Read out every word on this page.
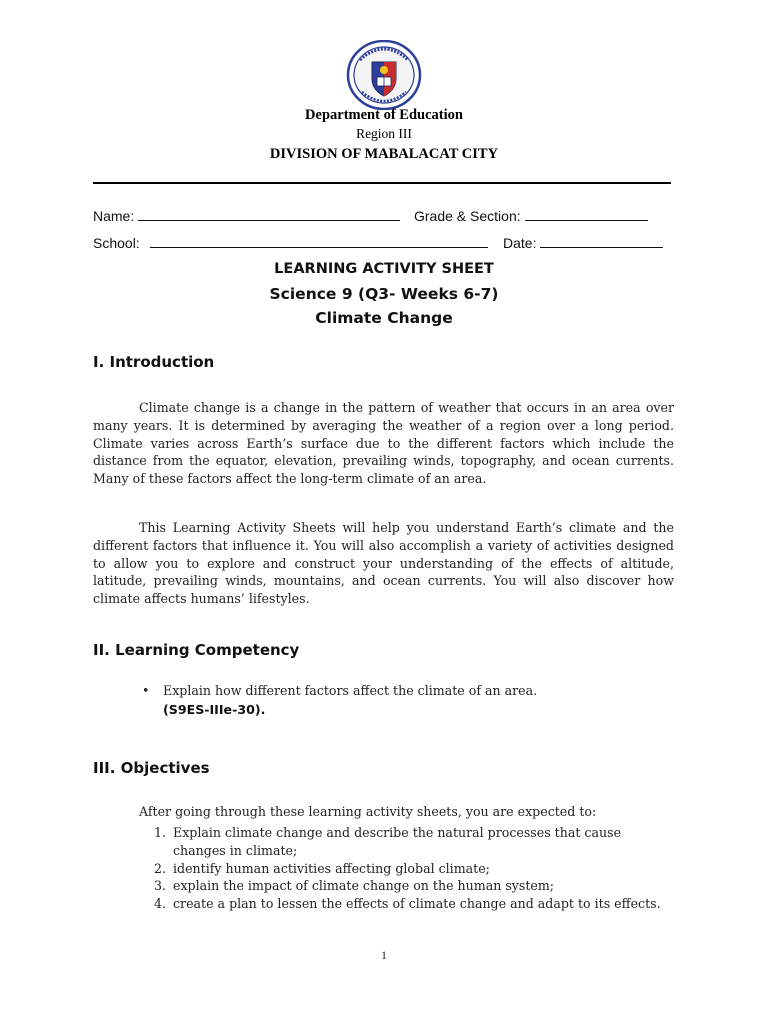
Department of Education
Region III
DIVISION OF MABALACAT CITY
Name:	Grade & Section:
School:	Date:
LEARNING ACTIVITY SHEET
Science 9 (Q3- Weeks 6-7)
Climate Change
I. Introduction

Climate change is a change in the pattern of weather that occurs in an area over many years. It is determined by averaging the weather of a region over a long period. Climate varies across Earth’s surface due to the different factors which include the distance from the equator, elevation, prevailing winds, topography, and ocean currents. Many of these factors affect the long-term climate of an area.

This Learning Activity Sheets will help you understand Earth’s climate and the different factors that influence it. You will also accomplish a variety of activities designed to allow you to explore and construct your understanding of the effects of altitude, latitude, prevailing winds, mountains, and ocean currents. You will also discover how climate affects humans’ lifestyles.

II. Learning Competency
• Explain how different factors affect the climate of an area.
(S9ES-IIIe-30).

III. Objectives
After going through these learning activity sheets, you are expected to:
1. Explain climate change and describe the natural processes that cause changes in climate;
2. identify human activities affecting global climate;
3. explain the impact of climate change on the human system;
4. create a plan to lessen the effects of climate change and adapt to its effects.
1
